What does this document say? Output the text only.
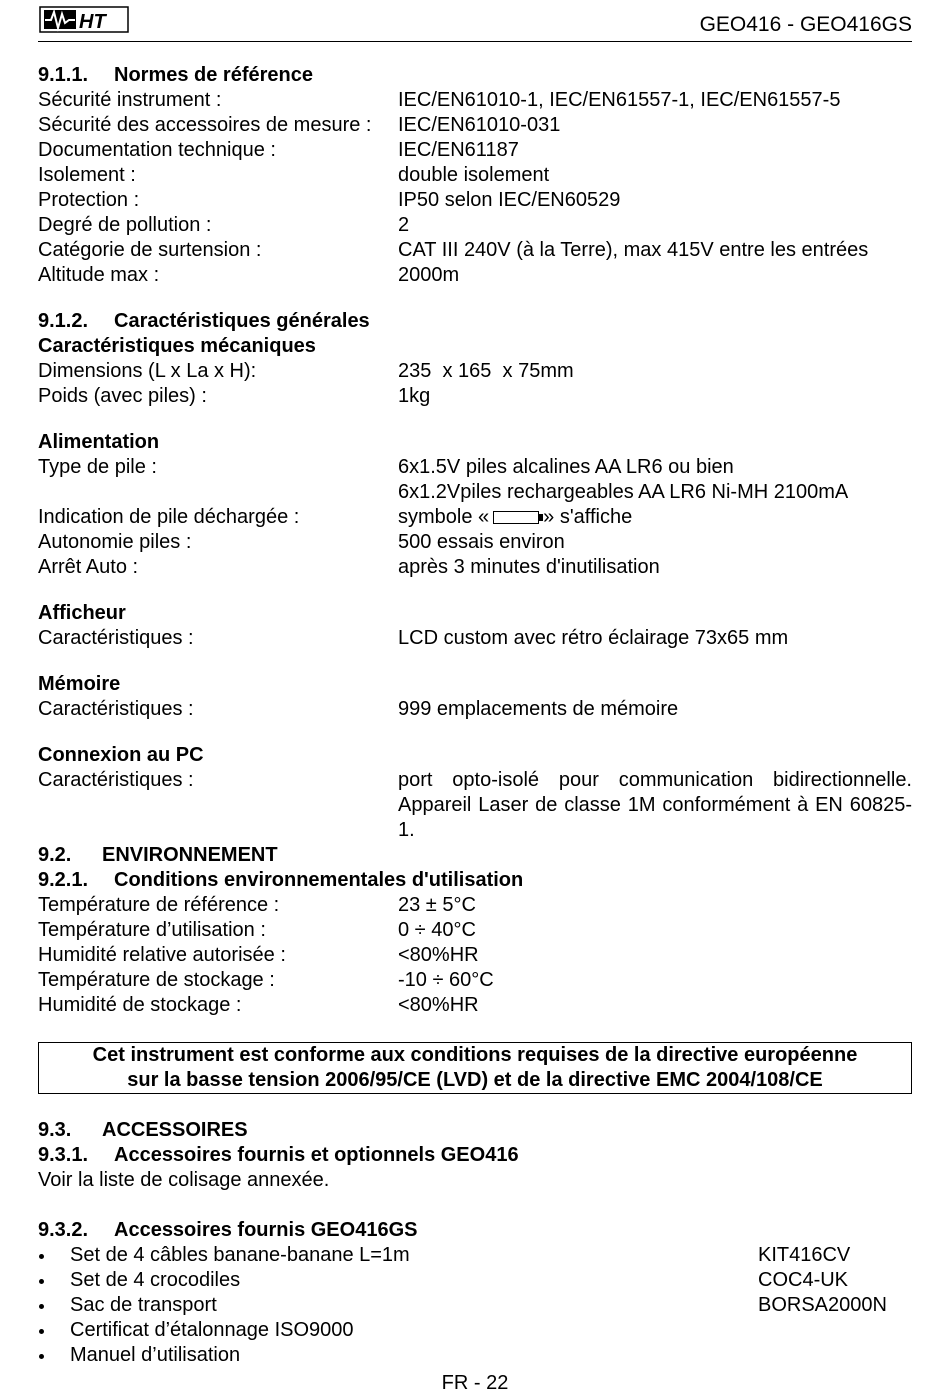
HT	GEO416 - GEO416GS
9.1.1. Normes de référence
Sécurité instrument :	IEC/EN61010-1, IEC/EN61557-1, IEC/EN61557-5
Sécurité des accessoires de mesure :	IEC/EN61010-031
Documentation technique :	IEC/EN61187
Isolement :	double isolement
Protection :	IP50 selon IEC/EN60529
Degré de pollution :	2
Catégorie de surtension :	CAT III 240V (à la Terre), max 415V entre les entrées
Altitude max :	2000m
9.1.2. Caractéristiques générales
Caractéristiques mécaniques
Dimensions (L x La x H):	235  x 165  x 75mm
Poids (avec piles) :	1kg
Alimentation
Type de pile :	6x1.5V piles alcalines AA LR6 ou bien
6x1.2Vpiles rechargeables AA LR6 Ni-MH 2100mA
Indication de pile déchargée :	symbole «	» s'affiche
Autonomie piles :	500 essais environ
Arrêt Auto :	après 3 minutes d'inutilisation
Afficheur
Caractéristiques :	LCD custom avec rétro éclairage 73x65 mm
Mémoire
Caractéristiques :	999 emplacements de mémoire
Connexion au PC
Caractéristiques :	port opto-isolé pour communication bidirectionnelle. Appareil Laser de classe 1M conformément à EN 60825-1.
9.2. ENVIRONNEMENT
9.2.1. Conditions environnementales d'utilisation
Température de référence :	23 ± 5°C
Température d’utilisation :	0 ÷ 40°C
Humidité relative autorisée :	<80%HR
Température de stockage :	-10 ÷ 60°C
Humidité de stockage :	<80%HR
Cet instrument est conforme aux conditions requises de la directive européenne
sur la basse tension 2006/95/CE (LVD) et de la directive EMC 2004/108/CE
9.3. ACCESSOIRES
9.3.1. Accessoires fournis et optionnels GEO416
Voir la liste de colisage annexée.
9.3.2. Accessoires fournis GEO416GS
Set de 4 câbles banane-banane L=1m	KIT416CV
Set de 4 crocodiles	COC4-UK
Sac de transport	BORSA2000N
Certificat d’étalonnage ISO9000
Manuel d’utilisation
FR - 22
